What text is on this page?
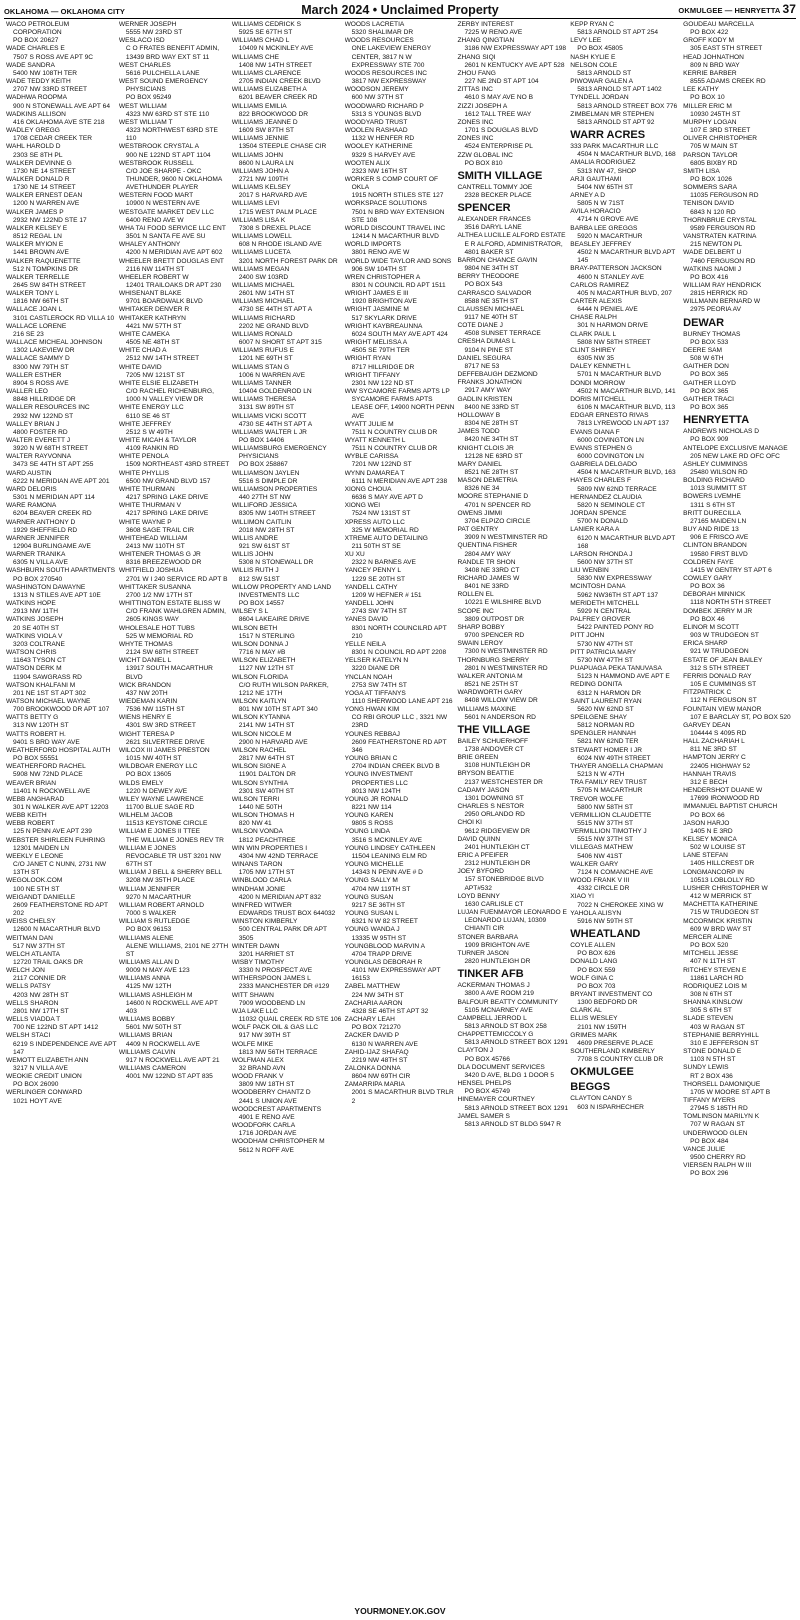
OKLAHOMA — OKLAHOMA CITY	March 2024 • Unclaimed Property	OKMULGEE — HENRYETTA 37
WACO PETROLEUM CORPORATION
PO BOX 20627
WADE CHARLES E
7507 S ROSS AVE APT 9C
WADE SANDRA
5400 NW 108TH TER
WADE TEDDY KEITH
2707 NW 33RD STREET
WADHWA ROOPMA
900 N STONEWALL AVE APT 64
WADKINS ALLISON
416 OKLAHOMA AVE STE 218
WADLEY GREGG
1708 CEDAR CREEK TER
WAHL HAROLD D
2303 SE 8TH PL
WALKER DEVINNE G
1730 NE 14 STREET
WALKER DONALD R
1730 NE 14 STREET
WALKER ERNEST DEAN
1200 N WARREN AVE
WALKER JAMES P
2932 NW 122ND STE 17
WALKER KELSEY E
8512 REGAL LN
WALKER MYION E
1441 BROWN AVE
WALKER RAQUENETTE
512 N TOMPKINS DR
WALKER TERRELLE
2645 SW 84TH STREET
WALKER TONY L
1816 NW 66TH ST
WALLACE JOAN L
3101 CASTLEROCK RD VILLA 10
WALLACE LORENE
216 SE 23
WALLACE MICHEAL JOHNSON
1302 LAKEVIEW DR
WALLACE SAMMY D
8300 NW 79TH ST
WALLER ESTHER
8904 S ROSS AVE
WALLER LEO
8848 HILLRIDGE DR
WALLER RESOURCES INC
2932 NW 122ND ST
WALLEY BRIAN J
4800 FOSTER RD
WALTER EVERETT J
3920 N W 68TH STREET
WALTER RAYVONNA
3473 SE 44TH ST APT 255
WARD AUSTIN
6222 N MERIDIAN AVE APT 201
WARD DELORIS
5301 N MERIDIAN APT 114
WARE RAMONA
6204 BEAVER CREEK RD
WARNER ANTHONY D
1929 SHEFFIELD RD
WARNER JENNIFER
12904 BURLINGAME AVE
WARNER TRANIKA
6305 N VILLA AVE
WASHBURN SOUTH APARTMENTS
PO BOX 270540
WASHINGTON DAWAYNE
1313 N STILES AVE APT 10E
WATKINS HOPE
2913 NW 11TH
WATKINS JOSEPH
20 SE 40TH ST
WATKINS VIOLA V
3203 COLTRANE
WATSON CHRIS
11643 TYSON CT
WATSON DERK M
11904 SAWGRASS RD
WATSON KHALFANI M
201 NE 1ST ST APT 302
WATSON MICHAEL WAYNE
700 BROOKWOOD DR APT 107
WATTS BETTY G
313 NW 120TH ST
WATTS ROBERT H.
9401 S BRD WAY AVE
WEATHERFORD HOSPITAL AUTH
PO BOX 55551
WEATHERFORD RACHEL
5908 NW 72ND PLACE
WEAVER BRIAN
11401 N ROCKWELL AVE
WEBB ANGHARAD
301 N WALKER AVE APT 12203
WEBB KEITH
WEBB ROBERT
125 N PENN AVE APT 239
WEBSTER SHIRLEEN FUHRING
12301 MAIDEN LN
WEEKLY E LEONE
C/O JANET C NUNN, 2731 NW 13TH ST
WEGOLOOK.COM
100 NE 5TH ST
WEIGANDT DANIELLE
2609 FEATHERSTONE RD APT 202
WEISS CHELSY
12600 N MACARTHUR BLVD
WEITMAN DAN
517 NW 37TH ST
WELCH ATLANTA
12720 TRAIL OAKS DR
WELCH JON
2117 CONNIE DR
WELLS PATSY
4203 NW 28TH ST
WELLS SHARON
2801 NW 17TH ST
WELLS VIADDA T
700 NE 122ND ST APT 1412
WELSH STACI
6219 S INDEPENDENCE AVE APT 147
WEMOTT ELIZABETH ANN
3217 N VILLA AVE
WEOKIE CREDIT UNION
PO BOX 26090
WERLINGER CONWARD
1021 HOYT AVE
WERNER JOSEPH
5555 NW 23RD ST
WESLACO ISD
C O FRATES BENEFIT ADMIN, 13439 BRD WAY EXT ST 11
WEST CHARLES
5616 PULCHELLA LANE
WEST SOUND EMERGENCY PHYSICIANS
PO BOX 95249
WEST WILLIAM
4323 NW 63RD ST STE 110
WEST WILLIAM T
4323 NORTHWEST 63RD STE 110
WESTBROOK CRYSTAL A
900 NE 122ND ST APT 1104
WESTBROOK RUSSELL
C/O JOE SHARPE - OKC THUNDER, 9600 N OKLAHOMA AVETHUNDER PLAYER
WESTERN FOOD MART
10900 N WESTERN AVE
WESTGATE MARKET DEV LLC
6400 RENO AVE W
WHA TAI FOOD SERVICE LLC ENT
3501 N SANTA FE AVE SU
WHALEY ANTHONY
4200 N MERIDIAN AVE APT 602
WHEELER BRETT DOUGLAS ENT
2116 NW 114TH ST
WHEELER ROBERT W
12401 TRAILOAKS DR APT 230
WHISENANT BLAKE
9701 BOARDWALK BLVD
WHITAKER DENVER R
WHITAKER KATHRYN
4421 NW 57TH ST
WHITE CAMEKA
4505 NE 48TH ST
WHITE CHAD A
2512 NW 14TH STREET
WHITE DAVID
7205 NW 121ST ST
WHITE ELSIE ELIZABETH
C/O RACHEL RICHENBURG, 1000 N VALLEY VIEW DR
WHITE ENERGY LLC
6110 SE 46 ST
WHITE JEFFREY
2512 S W 49TH
WHITE MICAH & TAYLOR
4109 RANKIN RD
WHITE PENOLA
1509 NORTHEAST 43RD STREET
WHITE PHYLLIS
6500 NW GRAND BLVD 157
WHITE THURMAN
4217 SPRING LAKE DRIVE
WHITE THURMAN V
4217 SPRING LAKE DRIVE
WHITE WAYNE P
3608 SAGE TRAIL CIR
WHITEHEAD WILLIAM
2413 NW 110TH ST
WHITENER THOMAS G JR
8316 BREEZEWOOD DR
WHITFIELD JOSHUA
2701 W I 240 SERVICE RD APT B
WHITTAKER SUSANNA
2700 1/2 NW 17TH ST
WHITTINGTON ESTATE BLISS W
C/O FRANK WAHLGREN ADMIN, 2605 KINGS WAY
WHOLESALE HOT TUBS
525 W MEMORIAL RD
WHYTE THOMAS
2124 SW 68TH STREET
WICHT DANIEL L
13917 SOUTH MACARTHUR BLVD
WICK BRANDON
437 NW 20TH
WIEDEMAN KARIN
7536 NW 115TH ST
WIENS HENRY E
4301 SW 3RD STREET
WIGHT TERESA P
2621 SILVERTREE DRIVE
WILCOX III JAMES PRESTON
1015 NW 40TH ST
WILDBOAR ENERGY LLC
PO BOX 13605
WILDS EMELY
1220 N DEWEY AVE
WILEY WAYNE LAWRENCE
11700 BLUE SAGE RD
WILHELM JACOB
11513 KEYSTONE CIRCLE
WILLIAM E JONES II TTEE
THE WILLIAM E JONES REV TR
WILLIAM E JONES
REVOCABLE TR UST 3201 NW 67TH ST
WILLIAM J BELL & SHERRY BELL
3208 NW 35TH PLACE
WILLIAM JENNIFER
9270 N MACARTHUR
WILLIAM ROBERT ARNOLD
7000 S WALKER
WILLIAM S RUTLEDGE
PO BOX 96153
WILLIAMS ALENE
ALENE WILLIAMS, 2101 NE 27TH ST
WILLIAMS ALLAN D
9009 N MAY AVE 123
WILLIAMS ANNA
4125 NW 12TH
WILLIAMS ASHLEIGH M
14600 N ROCKWELL AVE APT 403
WILLIAMS BOBBY
5601 NW 50TH ST
WILLIAMS BRIAN
4409 N ROCKWELL AVE
WILLIAMS CALVIN
917 N ROCKWELL AVE APT 21
WILLIAMS CAMERON
4001 NW 122ND ST APT 835
WILLIAMS CEDRICK S
5925 SE 67TH ST
WILLIAMS CHAD L
10409 N MCKINLEY AVE
WILLIAMS CHE
1408 NW 14TH STREET
WILLIAMS CLARENCE
2705 INDIAN CREEK BLVD
WILLIAMS ELIZABETH A
6201 BEAVER CREEK RD
WILLIAMS EMILIA
822 BROOKWOOD DR
WILLIAMS JEANNE D
1609 SW 87TH ST
WILLIAMS JENNIE
13504 STEEPLE CHASE CIR
WILLIAMS JOHN
8600 N LAURA LN
WILLIAMS JOHN A
2721 NW 109TH
WILLIAMS KELSEY
2017 S HARVARD AVE
WILLIAMS LEVI
1715 WEST PALM PLACE
WILLIAMS LISA K
7308 S DREXEL PLACE
WILLIAMS LOWELL
608 N RHODE ISLAND AVE
WILLIAMS LUCETA
3201 NORTH FOREST PARK DR
WILLIAMS MEGAN
2400 SW 103RD
WILLIAMS MICHAEL
2601 NW 14TH ST
WILLIAMS MICHAEL
4730 SE 44TH ST APT A
WILLIAMS RICHARD
2202 NE GRAND BLVD
WILLIAMS RONALD
6007 N SHORT ST APT 315
WILLIAMS RUFUS E
1201 NE 69TH ST
WILLIAMS STAN G
1006 N WARREN AVE
WILLIAMS TANNER
10404 GOLDENROD LN
WILLIAMS THERESA
3131 SW 89TH ST
WILLIAMS VICKI SCOTT
4730 SE 44TH ST APT A
WILLIAMS WALTER L JR
PO BOX 14406
WILLIAMSBURG EMERGENCY PHYSICIANS
PO BOX 258867
WILLIAMSON JAYLEN
5516 S DIMPLE DR
WILLIAMSON PROPERTIES
440 27TH ST NW
WILLIFORD JESSICA
8305 NW 140TH STREET
WILLIMON CAITLIN
2018 NW 28TH ST
WILLIS ANDRE
921 SW 61ST ST
WILLIS JOHN
5308 N STONEWALL DR
WILLIS RUTH J
812 SW 51ST
WILLOW PROPERTY AND LAND INVESTMENTS LLC
PO BOX 14557
WILSEY S L
8604 LAKEAIRE DRIVE
WILSON BETH
1517 N STERLING
WILSON DONNA J
7716 N MAY #B
WILSON ELIZABETH
1127 NW 12TH ST
WILSON FLORIDA
C/O RUTH WILSON PARKER, 1212 NE 17TH
WILSON KAITLYN
801 NW 10TH ST APT 340
WILSON KYTANNA
2141 NW 14TH ST
WILSON NICOLE M
2900 N HARVARD AVE
WILSON RACHEL
2817 NW 64TH ST
WILSON SIGNE A
11901 DALTON DR
WILSON SYNTHIA
2301 SW 40TH ST
WILSON TERRI
1440 NE 50TH
WILSON THOMAS H
820 NW 41
WILSON VONDA
1812 PEACHTREE
WIN WIN PROPERTIES I
4304 NW 42ND TERRACE
WINANS TARON
1705 NW 17TH ST
WINBLOOD CARLA
WINDHAM JONIE
4200 N MERIDIAN APT 832
WINFRED WITWER
EDWARDS TRUST BOX 644032
WINSTON KIMBERLY
500 CENTRAL PARK DR APT 3505
WINTER DAWN
3201 HARRIET ST
WISBY TIMOTHY
3330 N PROSPECT AVE
WITHERSPOON JAMES L
2333 MANCHESTER DR #129
WITT SHAWN
7909 WOODBEND LN
WJA LAKE LLC
11032 QUAIL CREEK RD STE 106
WOLF PACK OIL & GAS LLC
917 NW 39TH ST
WOLFE MIKE
1813 NW 56TH TERRACE
WOLFMAN ALEX
32 BRAND AVN
WOOD FRANK V
3809 NW 18TH ST
WOODBERRY CHANTZ D
2441 S UNION AVE
WOODCREST APARTMENTS
4901 E RENO AVE
WOODFORK CARLA
1716 JORDAN AVE
WOODHAM CHRISTOPHER M
5612 N ROFF AVE
WOODS LACRETIA
5320 SHALIMAR DR
WOODS RESOURCES
ONE LAKEVIEW ENERGY CENTER, 3817 N W EXPRESSWAY STE 700
WOODS RESOURCES INC
3817 NW EXPRESSWAY
WOODSON JEREMY
600 NW 37TH ST
WOODWARD RICHARD P
5313 S YOUNGS BLVD
WOODYARD TRUST
WOOLEN RASHAAD
1132 W HENFER RD
WOOLEY KATHERINE
9329 S HARVEY AVE
WOOTEN ALIX
2323 NW 16TH ST
WORKER S COMP COURT OF OKLA
1915 NORTH STILES STE 127
WORKSPACE SOLUTIONS
7501 N BRD WAY EXTENSION STE 108
WORLD DISCOUNT TRAVEL INC
12414 N MACARTHUR BLVD
WORLD IMPORTS
3801 RENO AVE W
WORLD WIDE TAYLOR AND SONS
906 SW 104TH ST
WREN CHRISTOPHER A
8301 N COUNCIL RD APT 1511
WRIGHT JAMES E III
1920 BRIGHTON AVE
WRIGHT JASMINE M
517 SKYLARK DRIVE
WRIGHT KAYBREAUNNA
6024 SOUTH MAY AVE APT 424
WRIGHT MELISSA A
4505 SE 79TH TER
WRIGHT RYAN
8717 HILLRIDGE DR
WRIGHT TIFFANY
2301 NW 122 ND ST
WW SYCAMORE FARMS APTS LP
SYCAMORE FARMS APTS LEASE OFF, 14900 NORTH PENN AVE
WYATT JULIE M
7511 N COUNTRY CLUB DR
WYATT KENNETH L
7511 N COUNTRY CLUB DR
WYBLE CARISSA
7201 NW 122ND ST
WYNN DAMAREA T
6111 N MERIDIAN AVE APT 238
XIONG CHOUA
6636 S MAY AVE APT D
XIONG WEI
7524 NW 131ST ST
XPRESS AUTO LLC
325 W MEMORIAL RD
XTREME AUTO DETAILING
211 50TH ST SE
XU XU
2322 N BARNES AVE
YANCEY PENNY L
1229 SE 20TH ST
YANDELL CATHY
1209 W HEFNER # 151
YANDELL JOHN
2743 SW 74TH ST
YANES DAVID
8301 NORTH COUNCILRD APT 210
YELLE NEILA
8301 N COUNCIL RD APT 2208
YELSER KATELYN N
3220 DIANE DR
YNCLAN NOAH
2753 SW 74TH ST
YOGA AT TIFFANYS
1110 SHERWOOD LANE APT 216
YONG HWAN KIM
CO RBI GROUP LLC , 3321 NW 23RD
YOUNES REBBAJ
2609 FEATHERSTONE RD APT 346
YOUNG BRIAN C
2704 INDIAN CREEK BLVD B
YOUNG INVESTMENT PROPERTIES LLC
8013 NW 124TH
YOUNG JR RONALD
8221 NW 114
YOUNG KAREN
9805 S ROSS
YOUNG LINDA
3516 S MCKINLEY AVE
YOUNG LINDSEY CATHLEEN
11504 LEANING ELM RD
YOUNG MICHELLE
14343 N PENN AVE # D
YOUNG SALLY M
4704 NW 119TH ST
YOUNG SUSAN
9217 SE 36TH ST
YOUNG SUSAN L
6321 N W 82 STREET
YOUNG WANDA J
13335 W 95TH ST
YOUNGBLOOD MARVIN A
4704 TRAPP DRIVE
YOUNGLAS DEBORAH R
4101 NW EXPRESSWAY APT 16153
ZABEL MATTHEW
224 NW 34TH ST
ZACHARIA AARON
4328 SE 46TH ST APT 32
ZACHARY LEAH
PO BOX 721270
ZACKER DAVID P
6130 N WARREN AVE
ZAHID-IJAZ SHAFAQ
2219 NW 48TH ST
ZALONKA DONNA
8604 NW 69TH CIR
ZAMARRIPA MARIA
2001 S MACARTHUR BLVD TRLR 2
ZERBY INTEREST
7225 W RENO AVE
ZHANG QINGTIAN
3186 NW EXPRESSWAY APT 198
ZHANG SIQI
2601 N KENTUCKY AVE APT 528
ZHOU FANG
227 NE 2ND ST APT 104
ZITTAS INC
4610 S MAY AVE NO B
ZIZZI JOSEPH A
1612 TALL TREE WAY
ZONES INC
1701 S DOUGLAS BLVD
ZONES INC
4524 ENTERPRISE PL
ZZW GLOBAL INC
PO BOX 810
SMITH VILLAGE
CANTRELL TOMMY JOE
2328 BECKER PLACE
SPENCER
ALEXANDER FRANCES
3516 DARYL LANE
ALTHEA LUCILLE ALFORD ESTATE
E R ALFORD, ADMINISTRATOR, 4801 BAKER ST
BARRON CHANCE GAVIN
9804 NE 34TH ST
BERRY THEODORE
PO BOX 543
CARRASCO SALVADOR
8588 NE 35TH ST
CLAUSSEN MICHAEL
9117 NE 40TH ST
COTE DIANE J
4508 SUNSET TERRACE
CRESHA DUMAS L
9104 N PINE ST
DANIEL SEGURA
8717 NE 53
DEFFEBAUGH DEZMOND
FRANKS JONATHON
2917 AMY WAY
GADLIN KRISTEN
8400 NE 33RD ST
HOLLOWAY B
8304 NE 28TH ST
JAMES TODD
8420 NE 34TH ST
KNIGHT CLOIS JR
12128 NE 63RD ST
MARY DANIEL
8521 NE 28TH ST
MASON DEMETRIA
8326 NE 34
MOORE STEPHANIE D
4701 N SPENCER RD
OWENS JIMMI
3704 ELPIZO CIRCLE
PAT GENTRY
3909 N WESTMINSTER RD
QUENTINA FISHER
2804 AMY WAY
RANDLE TR SHON
3408 NE 33RD CT
RICHARD JAMES W
8401 NE 33RD
ROLLEN EL
10221 E WILSHIRE BLVD
SCOPE INC
3809 OUTPOST DR
SHARP BOBBY
9700 SPENCER RD
SWAIN LEROY
7300 N WESTMINSTER RD
THORNBURG SHERRY
2801 N WESTMINSTER RD
WALKER ANTONIA M
8521 NE 25TH ST
WARDWORTH GARY
8408 WILLOW VIEW DR
WILLIAMS MAXINE
5601 N ANDERSON RD
THE VILLAGE
BAILEY SCHUERHOFF
1738 ANDOVER CT
BRIE GREEN
3108 HUNTLEIGH DR
BRYSON BEATTIE
2137 WESTCHESTER DR
CADAMY JASON
1301 DOWNING ST
CHARLES S NESTOR
2950 ORLANDO RD
CHOI KI
9612 RIDGEVIEW DR
DAVID QUINN
2401 HUNTLEIGH CT
ERIC A PFEIFER
2312 HUNTLEIGH DR
JOEY BYFORD
157 STONEBRIDGE BLVD APT#532
LOYD BENNY
1630 CARLISLE CT
LUJAN FUENMAYOR LEONARDO E
LEONARDO LUJAN, 10309 CHIANTI CIR
STONER BARBARA
1909 BRIGHTON AVE
TURNER JASON
2820 HUNTLEIGH DR
TINKER AFB
ACKERMAN THOMAS J
3800 A AVE ROOM 219
BALFOUR BEATTY COMMUNITY
5105 MCNARNEY AVE
CAMPBELL JERROD L
5813 ARNOLD ST BOX 258
CHAPPETTEMICCOLY G
5813 ARNOLD STREET BOX 1291
CLAYTON J
PO BOX 45766
DLA DOCUMENT SERVICES
3420 D AVE, BLDG 1 DOOR 5
HENSEL PHELPS
PO BOX 45749
HINEMAYER COURTNEY
5813 ARNOLD STREET BOX 1291
JAMEL SAMER S
5813 ARNOLD ST BLDG 5947 R
KEPP RYAN C
5813 ARNOLD ST APT 254
LEVY LEE
PO BOX 45805
NASH KYLIE E
NELSON COLE
5813 ARNOLD ST
PIWOWAR GALEN A
5813 ARNOLD ST APT 1402
TYNDELL JORDAN
5813 ARNOLD STREET BOX 776
ZIMBELMAN MR STEPHEN
5813 ARNOLD ST APT 92
WARR ACRES
333 PARK MACARTHUR LLC
4504 N MACARTHUR BLVD, 168
AMALIA RODRIGUEZ
5313 NW 47, SHOP
ARJI GAUTHAMI
5404 NW 65TH ST
ARNEY A D
5805 N W 71ST
AVILA HORACIO
4714 N GROVE AVE
BARBA LEE GREGGS
5920 N MACARTHUR
BEASLEY JEFFREY
4502 N MACARTHUR BLVD APT 145
BRAY-PATTERSON JACKSON
4600 N STANLEY AVE
CARLOS RAMIREZ
405 N MACARTHUR BLVD, 207
CARTER ALEXIS
6444 N PENIEL AVE
CHASE RALPH
301 N HARMON DRIVE
CLARK PAUL L
5808 NW 58TH STREET
CLINT SHIREY
6305 NW 35
DALEY KENNETH L
5701 N MACARTHUR BLVD
DONDI MORROW
4502 N MACARTHUR BLVD, 141
DORIS MITCHELL
6106 N MACARTHUR BLVD, 113
EDGAR ERNESTO RIVAS
7813 LYREWOOD LN APT 137
EVANS DIANA F
6000 COVINGTON LN
EVANS STEPHEN G
6000 COVINGTON LN
GABRIELA DELGADO
4504 N MACARTHUR BLVD, 163
HAYES CHARLES F
5809 NW 62ND TERRACE
HERNANDEZ CLAUDIA
5820 N SEMINOLE CT
JORDAN SPENCE
5700 N DONALD
LANIER KARA A
6120 N MACARTHUR BLVD APT 168
LARSON RHONDA J
5600 NW 37TH ST
LIU WENBIN
5830 NW EXPRESSWAY
MCINTOSH DANA
5962 NW36TH ST APT 137
MERIDETH MITCHELL
5929 N CENTRAL
PALFREY GROVER
5422 PAINTED PONY RD
PITT JOHN
5730 NW 47TH ST
PITT PATRICIA MARY
5730 NW 47TH ST
PUAPUAGA PEKA TANUVASA
5123 N HAMMOND AVE APT E
REDING DONITA
6312 N HARMON DR
SAINT LAURENT RYAN
5620 NW 62ND ST
SPEILGENE SHAY
5812 NORMAN RD
SPENGLER HANNAH
5821 NW 62ND TER
STEWART HOMER I JR
6024 NW 49TH STREET
THAYER ANGELLA CHAPMAN
5213 N W 47TH
TRA FAMILY REV TRUST
5705 N MACARTHUR
TREVOR WOLFE
5800 NW 58TH ST
VERMILLION CLAUDETTE
5515 NW 37TH ST
VERMILLION TIMOTHY J
5515 NW 37TH ST
VILLEGAS MATHEW
5406 NW 41ST
WALKER GARY
7124 N COMANCHE AVE
WOOD FRANK V III
4332 CIRCLE DR
XIAO YI
7022 N CHEROKEE XING W
YAHOLA ALISYN
5916 NW 59TH ST
WHEATLAND
COYLE ALLEN
PO BOX 626
DONALD LANG
PO BOX 559
WOLF GINA C
PO BOX 703
BRYANT INVESTMENT CO
1300 BEDFORD DR
CLARK AL
ELLIS WESLEY
2101 NW 159TH
GRIMES MARK
4609 PRESERVE PLACE
SOUTHERLAND KIMBERLY
7708 S COUNTRY CLUB DR
OKMULGEE
BEGGS
CLAYTON CANDY S
603 N ISPARHECHER
GOUDEAU MARCELLA
PO BOX 422
GROFF KODY M
305 EAST 5TH STREET
HEAD JOHNATHON
809 N BRD WAY
KERRIE BARBER
8555 ADAMS CREEK RD
LEE KATHY
PO BOX 10
MILLER ERIC M
10930 245TH ST
MURPHY LOGAN
107 E 3RD STREET
OLIVER CHRISTOPHER
705 W MAIN ST
PARSON TAYLOR
6805 BIXBY RD
SMITH LISA
PO BOX 1026
SOMMERS SARA
11035 FERGUSON RD
TENISON DAVID
6843 N 120 RD
THORNBRUE CRYSTAL
9589 FERGUSON RD
VANSTRATEN KATRINA
215 NEWTON PL
WADE DELBERT U
7460 FERGUSON RD
WATKINS NAOMI J
PO BOX 416
WILLIAM RAY HENDRICK
2815 HERRICK RD
WILLMANN BERNARD W
2975 PEORIA AV
DEWAR
BURNEY THOMAS
PO BOX 533
DEERE SAM
508 W 6TH
GAITHER DON
PO BOX 365
GAITHER LLOYD
PO BOX 365
GAITHER TRACI
PO BOX 365
HENRYETTA
ANDREWS NICHOLAS D
PO BOX 909
ANTELOPE EXCLUSIVE MANAGE
205 NEW LAKE RD OFC OFC
ASHLEY CUMMINGS
25480 WILSON RD
BOLDING RICHARD
1013 SUMMITT ST
BOWERS LVEMHE
1311 S 6TH ST
BRITT DURECILLA
27165 MAIDEN LN
BUY AND RIDE 13
906 E FRISCO AVE
CLINTON BRANDON
19580 FIRST BLVD
COLDREN FAYE
1415 W GENTRY ST APT 6
COWLEY GARY
PO BOX 36
DEBORAH MINNICK
1118 NORTH 5TH STREET
DOMBEK JERRY M JR
PO BOX 46
ELINOR M SCOTT
903 W TRUDGEON ST
ERICA SHARP
921 W TRUDGEON
ESTATE OF JEAN BAILEY
312 S 5TH STREET
FERRIS DONALD RAY
105 E CUMMINGS ST
FITZPATRICK C
112 N FERGUSON ST
FOUNTAIN VIEW MANOR
107 E BARCLAY ST, PO BOX 520
GARVEY DEAN
104444 S 4095 RD
HALL ZACHARIAH L
811 NE 3RD ST
HAMPTON JERRY C
22405 HIGHWAY 52
HANNAH TRAVIS
312 E BECH
HENDERSHOT DUANE W
17699 IRONWOOD RD
IMMANUEL BAPTIST CHURCH
PO BOX 66
JASON HARJO
1405 N E 3RD
KELSEY MONICA
502 W LOUISE ST
LANE STEFAN
1405 HILLCREST DR
LONGMANCORP IN
10513 LOBLOLLY RD
LUSHER CHRISTOPHER W
412 W MERRICK ST
MACHETTA KATHERINE
715 W TRUDGEON ST
MCCORMICK KRISTIN
609 W BRD WAY ST
MERCER ALINE
PO BOX 520
MITCHELL JESSE
407 N 11TH ST
RITCHEY STEVEN E
11861 LARCH RD
RODRIQUEZ LOIS M
308 N 6TH ST
SHANNA KINSLOW
305 S 6TH ST
SLADE STEVEN
403 W RAGAN ST
STEPHANIE BERRYHILL
310 E JEFFERSON ST
STONE DONALD E
1103 N 5TH ST
SUNDY LEWIS
RT 2 BOX 436
THORSELL DAMONIQUE
1705 W MOORE ST APT B
TIFFANY MYERS
27945 S 185TH RD
TOMLINSON MARILYN K
707 W RAGAN ST
UNDERWOOD GLEN
PO BOX 484
VANCE JULIE
9500 CHERRY RD
VIERSEN RALPH W III
PO BOX 296
YOURMONEY.OK.GOV
